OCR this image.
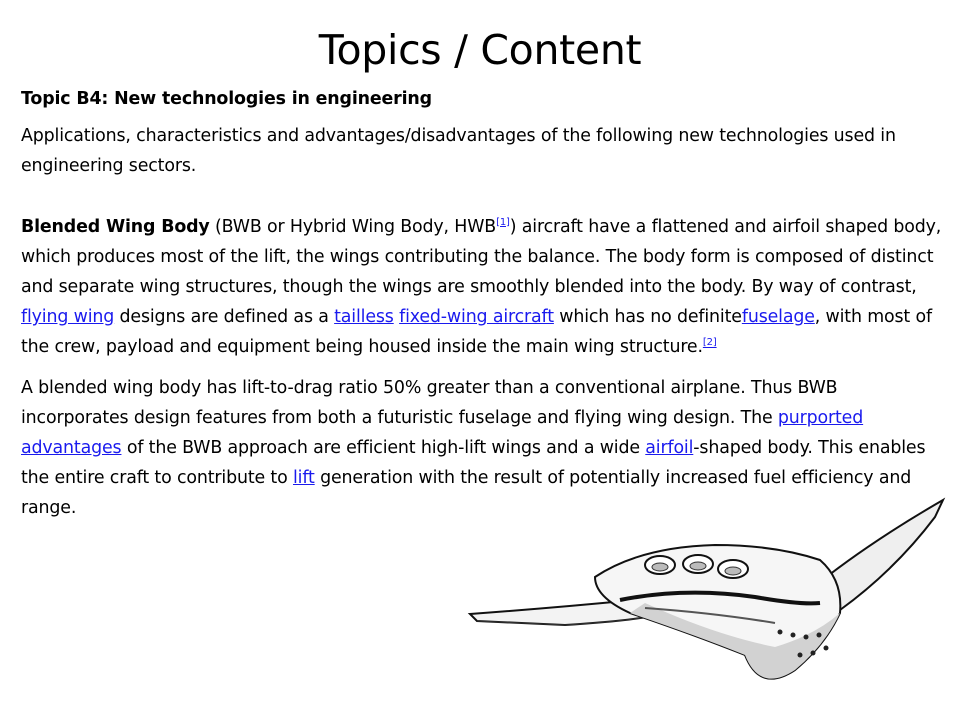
Topics / Content

Topic B4: New technologies in engineering

Applications, characteristics and advantages/disadvantages of the following new technologies used in engineering sectors.

Blended Wing Body (BWB or Hybrid Wing Body, HWB[1]) aircraft have a flattened and airfoil shaped body, which produces most of the lift, the wings contributing the balance. The body form is composed of distinct and separate wing structures, though the wings are smoothly blended into the body. By way of contrast, flying wing designs are defined as a tailless fixed-wing aircraft which has no definitefuselage, with most of the crew, payload and equipment being housed inside the main wing structure.[2]

A blended wing body has lift-to-drag ratio 50% greater than a conventional airplane. Thus BWB incorporates design features from both a futuristic fuselage and flying wing design. The purported advantages of the BWB approach are efficient high-lift wings and a wide airfoil-shaped body. This enables the entire craft to contribute to lift generation with the result of potentially increased fuel efficiency and range.
